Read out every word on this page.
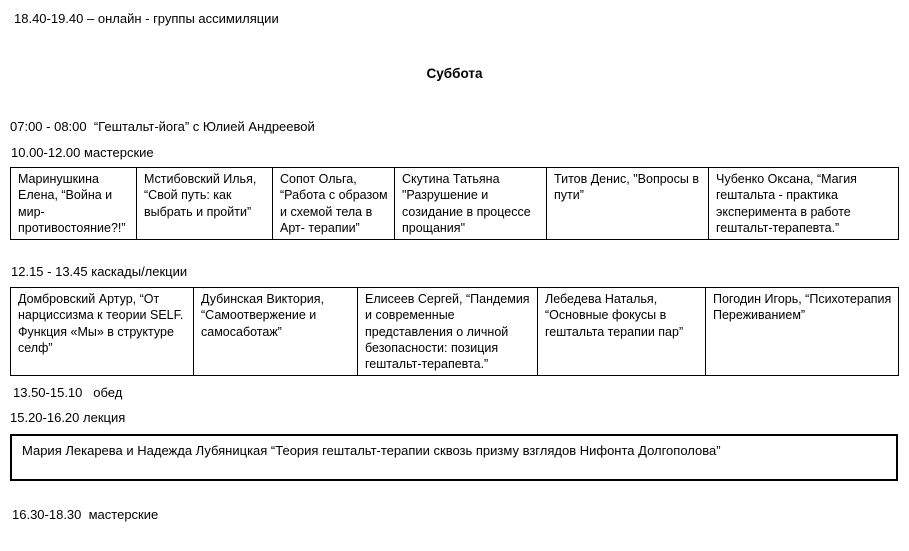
18.40-19.40 – онлайн - группы ассимиляции
Суббота
07:00 - 08:00  “Гештальт-йога” с Юлией Андреевой
10.00-12.00 мастерские
Маринушкина Елена, “Война и мир-противостояние?!”	Мстибовский Илья, “Свой путь: как выбрать и пройти”	Сопот Ольга, “Работа с образом и схемой тела в Арт- терапии”	Скутина Татьяна "Разрушение и созидание в процессе прощания"	Титов Денис, "Вопросы в пути”	Чубенко Оксана, “Магия гештальта - практика эксперимента в работе гештальт-терапевта.”
12.15 - 13.45 каскады/лекции
Домбровский Артур, “От нарциссизма к теории SELF. Функция «Мы» в структуре селф”	Дубинская Виктория, “Самоотвержение и самосаботаж”	Елисеев Сергей, “Пандемия и современные представления о личной безопасности: позиция гештальт-терапевта.”	Лебедева Наталья, “Основные фокусы в гештальта терапии пар”	Погодин Игорь, “Психотерапия Переживанием”
13.50-15.10   обед
15.20-16.20 лекция
Мария Лекарева и Надежда Лубяницкая “Теория гештальт-терапии сквозь призму взглядов Нифонта Долгополова”
16.30-18.30  мастерские
